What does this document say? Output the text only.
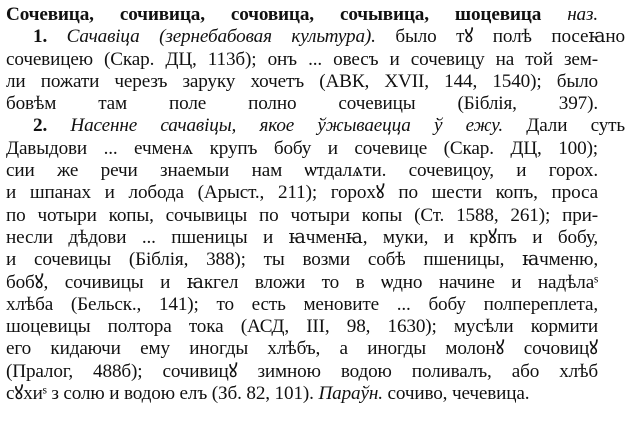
Сочевица, сочивица, сочовица, сочывица, шоцевица наз.
1. Сачавіца (зернебабовая культура). было тꙋ полѣ посеꙗно
сочевицею (Скар. ДЦ, 113б); онъ ... овесъ и сочевицу на той зем-
ли пожати черезъ заруку хочетъ (АВК, XVII, 144, 1540); было
бовѣм там поле полно сочевицы (Біблія, 397).
2. Насенне сачавіцы, якое ўжываецца ў ежу. Дали суть
Давыдови ... ечменѧ крупъ бобу и сочевице (Скар. ДЦ, 100);
сии же речи знаемыи нам ѡтдалѧти. сочевицоу, и горох.
и шпанах и лобода (Арыст., 211); гороxꙋ по шести копъ, проса
по чотыри копы, сочывицы по чотыри копы (Ст. 1588, 261); при-
несли дѣдови ... пшеницы и ꙗчменꙗ, муки, и крꙋпъ и бобу,
и сочевицы (Біблія, 388); ты возми собѣ пшеницы, ꙗчменю,
бобꙋ, сочивицы и ꙗкгел вложи то в ѡдно начине и надѣлаˢ
хлѣба (Бельск., 141); то есть меновите ... бобу полпереплета,
шоцевицы полтора тока (АСД, III, 98, 1630); мусѣли кормити
его кидаючи ему иногды хлѣбъ, а иногды молонꙋ сочовицꙋ
(Пралог, 488б); сочивицꙋ зимною водою поливалъ, або хлѣб
сꙋхиˢ з солю и водою елъ (Зб. 82, 101). Параўн. сочиво, чечевица.
